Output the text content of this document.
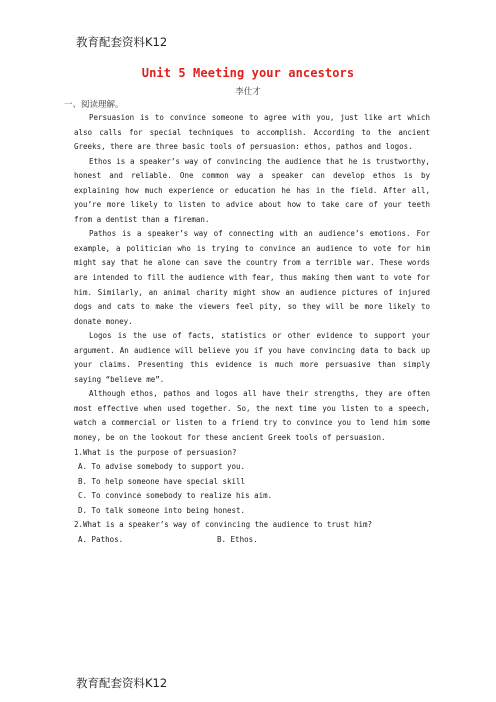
教育配套资料K12
Unit 5 Meeting your ancestors
李仕才
一、阅读理解。

Persuasion is to convince someone to agree with you, just like art which also calls for special techniques to accomplish. According to the ancient Greeks, there are three basic tools of persuasion: ethos, pathos and logos.

Ethos is a speaker’s way of convincing the audience that he is trustworthy, honest and reliable. One common way a speaker can develop ethos is by explaining how much experience or education he has in the field. After all, you’re more likely to listen to advice about how to take care of your teeth from a dentist than a fireman.

Pathos is a speaker’s way of connecting with an audience’s emotions. For example, a politician who is trying to convince an audience to vote for him might say that he alone can save the country from a terrible war. These words are intended to fill the audience with fear, thus making them want to vote for him. Similarly, an animal charity might show an audience pictures of injured dogs and cats to make the viewers feel pity, so they will be more likely to donate money.

Logos is the use of facts, statistics or other evidence to support your argument. An audience will believe you if you have convincing data to back up your claims. Presenting this evidence is much more persuasive than simply saying “believe me”.

Although ethos, pathos and logos all have their strengths, they are often most effective when used together. So, the next time you listen to a speech, watch a commercial or listen to a friend try to convince you to lend him some money, be on the lookout for these ancient Greek tools of persuasion.

1.What is the purpose of persuasion?
A. To advise somebody to support you.
B. To help someone have special skill
C. To convince somebody to realize his aim.
D. To talk someone into being honest.
2.What is a speaker’s way of convincing the audience to trust him?
A. Pathos.	B. Ethos.
教育配套资料K12
